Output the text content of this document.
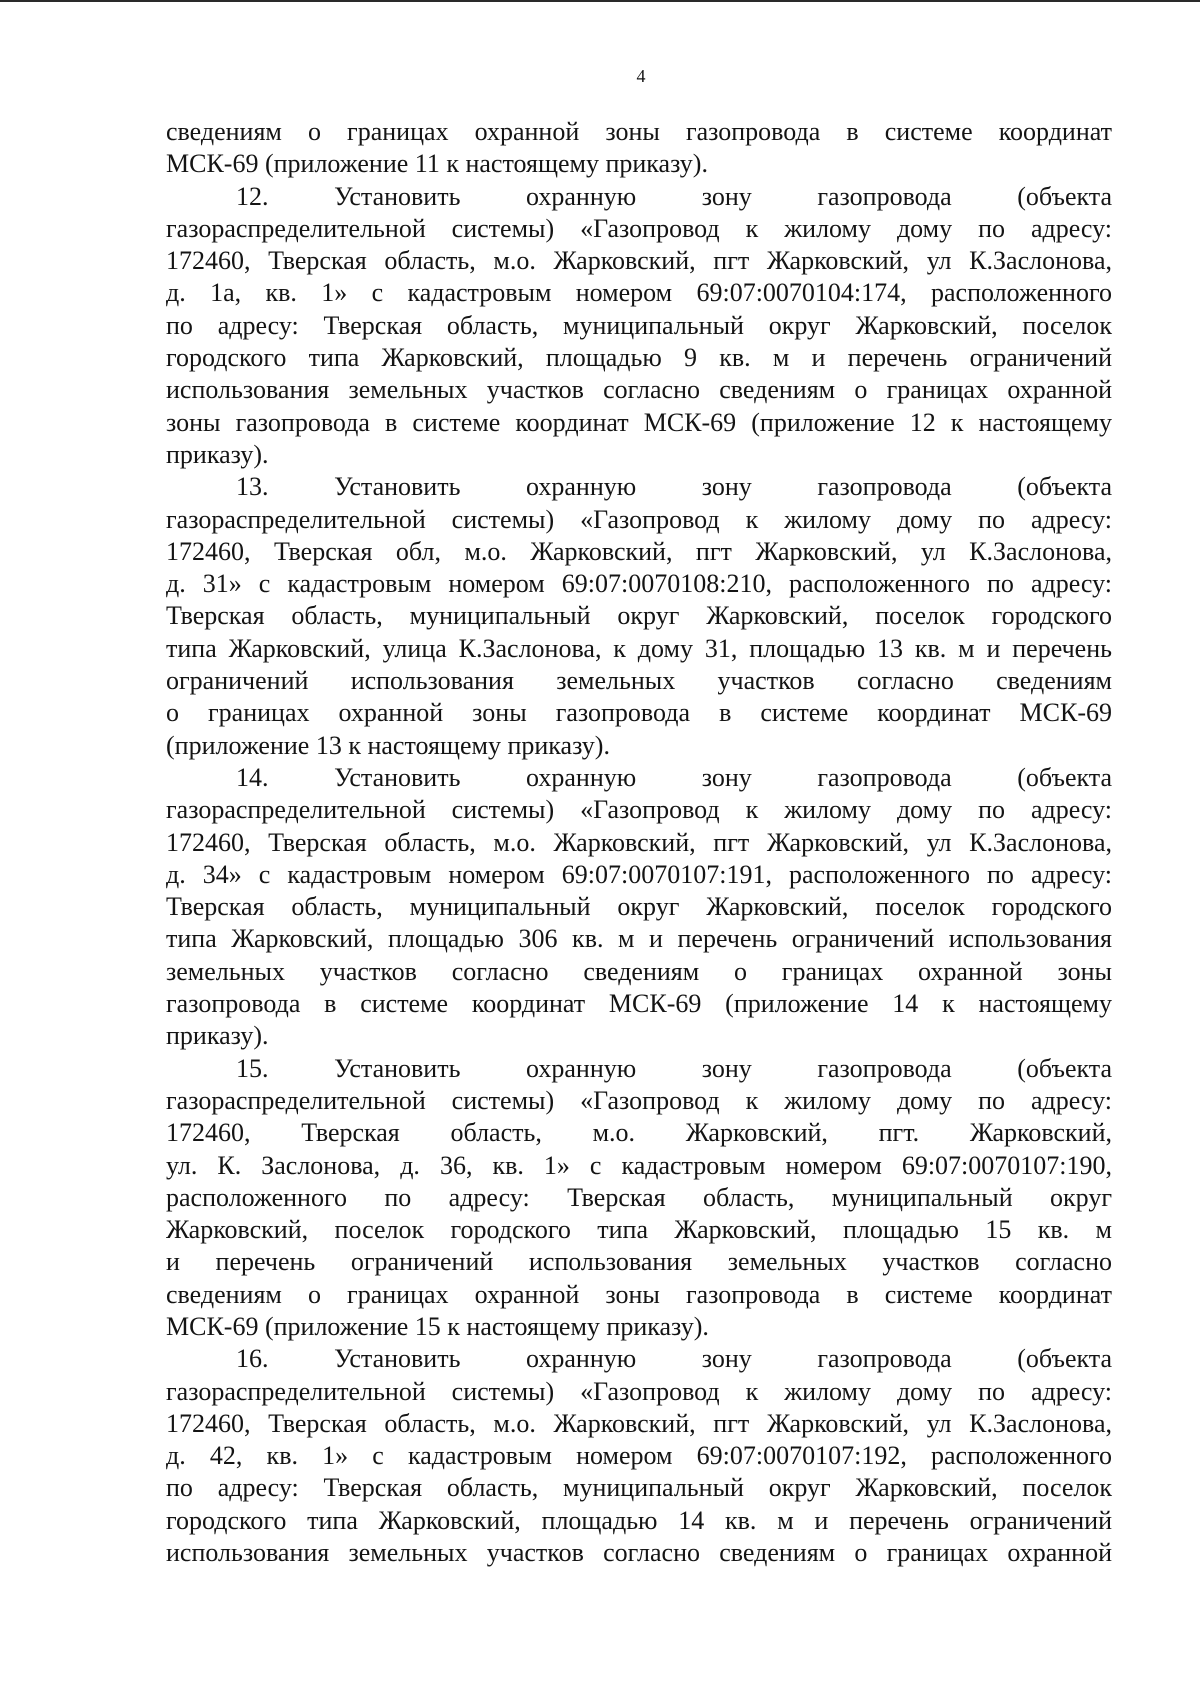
4
сведениям о границах охранной зоны газопровода в системе координат
МСК-69 (приложение 11 к настоящему приказу).
12. Установить охранную зону газопровода (объекта
газораспределительной системы) «Газопровод к жилому дому по адресу:
172460, Тверская область, м.о. Жарковский, пгт Жарковский, ул К.Заслонова,
д. 1а, кв. 1» с кадастровым номером 69:07:0070104:174, расположенного
по адресу: Тверская область, муниципальный округ Жарковский, поселок
городского типа Жарковский, площадью 9 кв. м и перечень ограничений
использования земельных участков согласно сведениям о границах охранной
зоны газопровода в системе координат МСК-69 (приложение 12 к настоящему
приказу).
13. Установить охранную зону газопровода (объекта
газораспределительной системы) «Газопровод к жилому дому по адресу:
172460, Тверская обл, м.о. Жарковский, пгт Жарковский, ул К.Заслонова,
д. 31» с кадастровым номером 69:07:0070108:210, расположенного по адресу:
Тверская область, муниципальный округ Жарковский, поселок городского
типа Жарковский, улица К.Заслонова, к дому 31, площадью 13 кв. м и перечень
ограничений использования земельных участков согласно сведениям
о границах охранной зоны газопровода в системе координат МСК-69
(приложение 13 к настоящему приказу).
14. Установить охранную зону газопровода (объекта
газораспределительной системы) «Газопровод к жилому дому по адресу:
172460, Тверская область, м.о. Жарковский, пгт Жарковский, ул К.Заслонова,
д. 34» с кадастровым номером 69:07:0070107:191, расположенного по адресу:
Тверская область, муниципальный округ Жарковский, поселок городского
типа Жарковский, площадью 306 кв. м и перечень ограничений использования
земельных участков согласно сведениям о границах охранной зоны
газопровода в системе координат МСК-69 (приложение 14 к настоящему
приказу).
15. Установить охранную зону газопровода (объекта
газораспределительной системы) «Газопровод к жилому дому по адресу:
172460, Тверская область, м.о. Жарковский, пгт. Жарковский,
ул. К. Заслонова, д. 36, кв. 1» с кадастровым номером 69:07:0070107:190,
расположенного по адресу: Тверская область, муниципальный округ
Жарковский, поселок городского типа Жарковский, площадью 15 кв. м
и перечень ограничений использования земельных участков согласно
сведениям о границах охранной зоны газопровода в системе координат
МСК-69 (приложение 15 к настоящему приказу).
16. Установить охранную зону газопровода (объекта
газораспределительной системы) «Газопровод к жилому дому по адресу:
172460, Тверская область, м.о. Жарковский, пгт Жарковский, ул К.Заслонова,
д. 42, кв. 1» с кадастровым номером 69:07:0070107:192, расположенного
по адресу: Тверская область, муниципальный округ Жарковский, поселок
городского типа Жарковский, площадью 14 кв. м и перечень ограничений
использования земельных участков согласно сведениям о границах охранной
